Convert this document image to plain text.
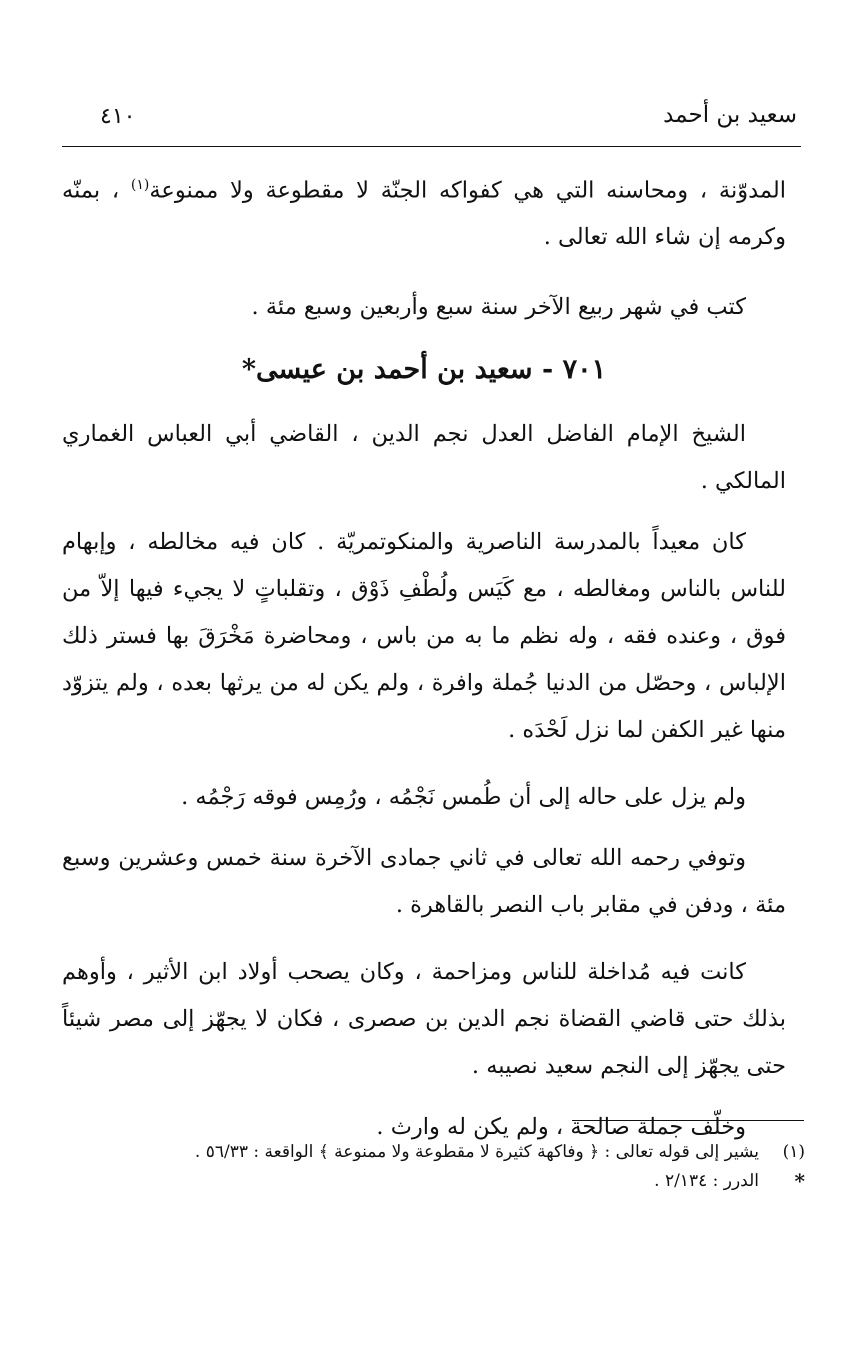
سعيد بن أحمد
٤١٠

المدوّنة ، ومحاسنه التي هي كفواكه الجنّة لا مقطوعة ولا ممنوعة$^{(١)}$ ، بمنّه وكرمه إن شاء الله تعالى .

كتب في شهر ربيع الآخر سنة سبع وأربعين وسبع مئة .

٧٠١ - سعيد بن أحمد بن عيسى*

الشيخ الإمام الفاضل العدل نجم الدين ، القاضي أبي العباس الغماري المالكي .

كان معيداً بالمدرسة الناصرية والمنكوتمريّة . كان فيه مخالطه ، وإبهام للناس بالناس ومغالطه ، مع كَيَس ولُطْفِ ذَوْق ، وتقلباتٍ لا يجيء فيها إلاّ من فوق ، وعنده فقه ، وله نظم ما به من باس ، ومحاضرة مَخْرَقَ بها فستر ذلك الإلباس ، وحصّل من الدنيا جُملة وافرة ، ولم يكن له من يرثها بعده ، ولم يتزوّد منها غير الكفن لما نزل لَحْدَه .

ولم يزل على حاله إلى أن طُمس نَجْمُه ، ورُمِس فوقه رَجْمُه .

وتوفي رحمه الله تعالى في ثاني جمادى الآخرة سنة خمس وعشرين وسبع مئة ، ودفن في مقابر باب النصر بالقاهرة .

كانت فيه مُداخلة للناس ومزاحمة ، وكان يصحب أولاد ابن الأثير ، وأوهم بذلك حتى قاضي القضاة نجم الدين بن صصرى ، فكان لا يجهّز إلى مصر شيئاً حتى يجهّز إلى النجم سعيد نصيبه .

وخلّف جملة صالحة ، ولم يكن له وارث .

(١)
يشير إلى قوله تعالى : ﴿ وفاكهة كثيرة لا مقطوعة ولا ممنوعة ﴾ الواقعة : ٥٦/٣٣ .
*
الدرر : ٢/١٣٤ .
